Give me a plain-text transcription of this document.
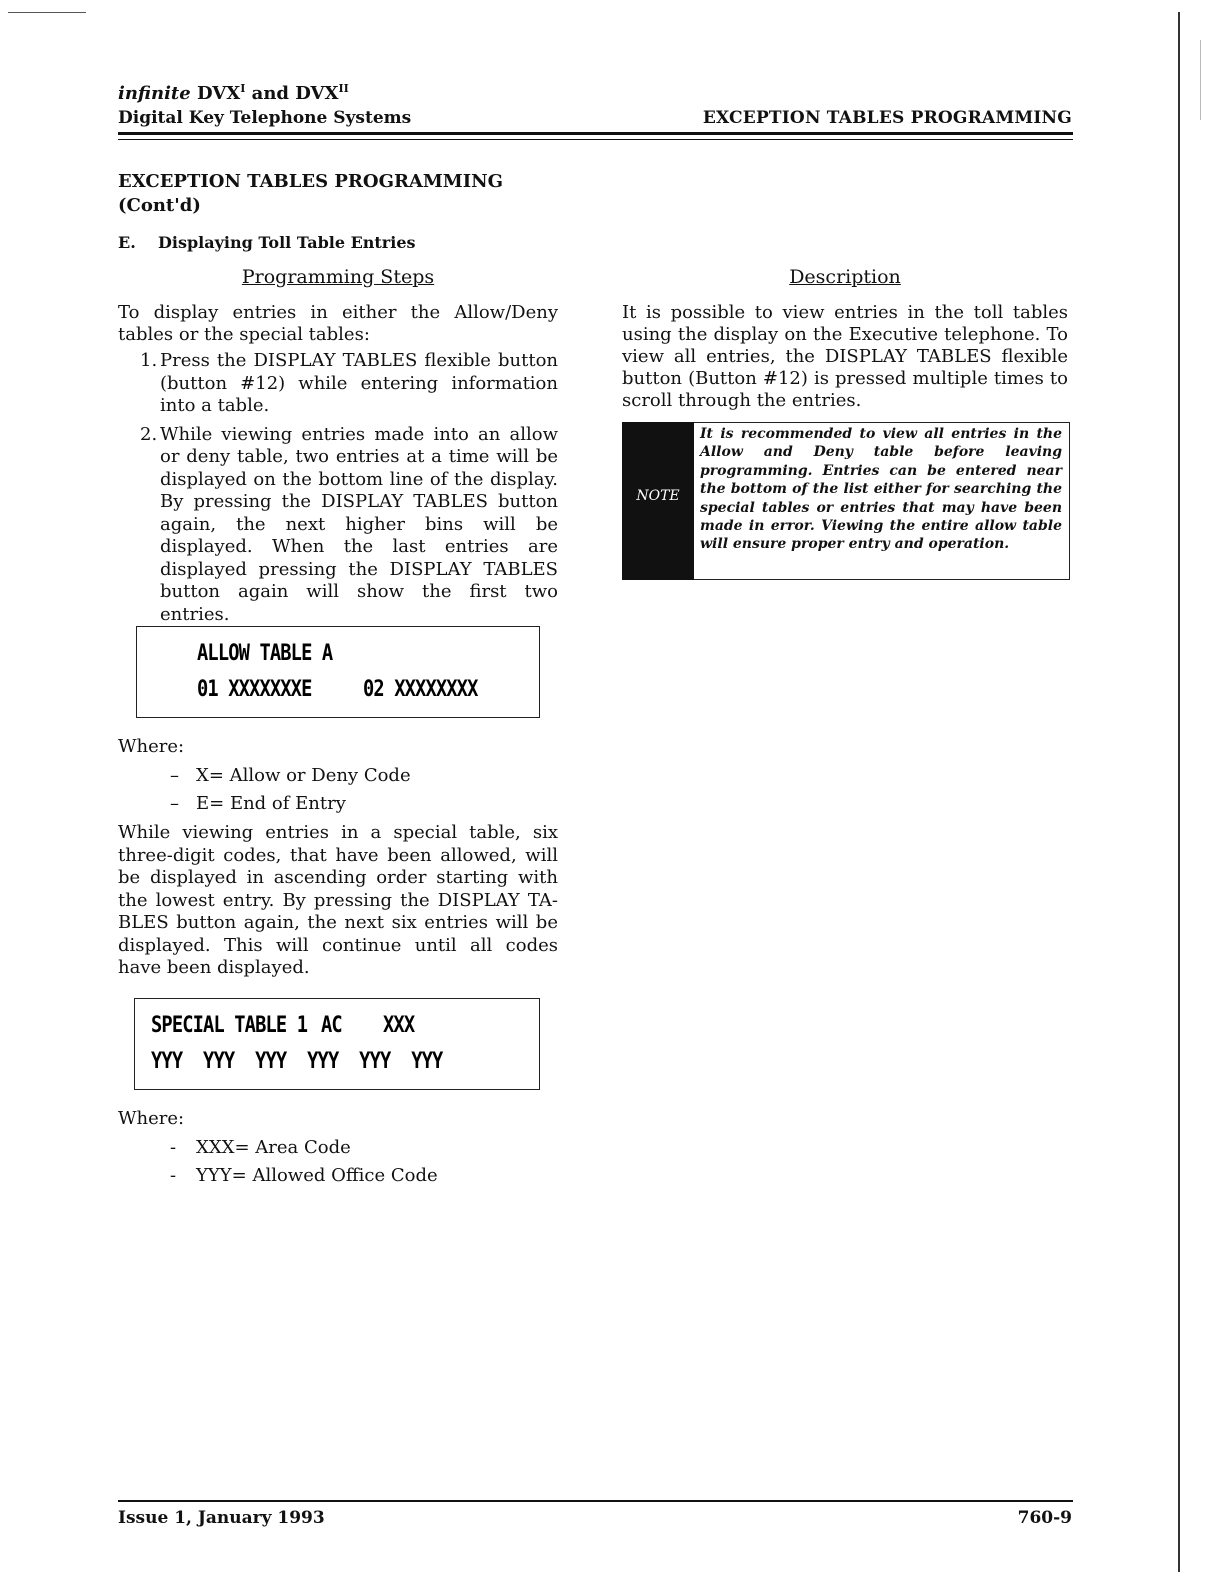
infinite $DVX^I$ and $DVX^{II}$
Digital Key Telephone Systems	EXCEPTION TABLES PROGRAMMING
EXCEPTION TABLES PROGRAMMING
(Cont'd)
E. Displaying Toll Table Entries
Programming Steps	Description
To display entries in either the Allow/Deny tables or the special tables:
1. Press the DISPLAY TABLES flexible button (button #12) while entering information into a table.
2. While viewing entries made into an allow or deny table, two entries at a time will be displayed on the bottom line of the display. By pressing the DISPLAY TABLES button again, the next higher bins will be displayed. When the last entries are displayed pressing the DISPLAY TABLES button again will show the first two entries.
ALLOW TABLE A
01 XXXXXXXE 02 XXXXXXXX
Where:
– X= Allow or Deny Code
– E= End of Entry
While viewing entries in a special table, six three-digit codes, that have been allowed, will be displayed in ascending order starting with the lowest entry. By pressing the DISPLAY TA-BLES button again, the next six entries will be displayed. This will continue until all codes have been displayed.
SPECIAL TABLE 1 AC XXX
YYY  YYY  YYY  YYY  YYY  YYY
Where:
- XXX= Area Code
- YYY= Allowed Office Code
It is possible to view entries in the toll tables using the display on the Executive telephone. To view all entries, the DISPLAY TABLES flexible button (Button #12) is pressed multiple times to scroll through the entries.
NOTE
It is recommended to view all entries in the Allow and Deny table before leaving programming. Entries can be entered near the bottom of the list either for searching the special tables or entries that may have been made in error. Viewing the entire allow table will ensure proper entry and operation.
Issue 1, January 1993	760-9
